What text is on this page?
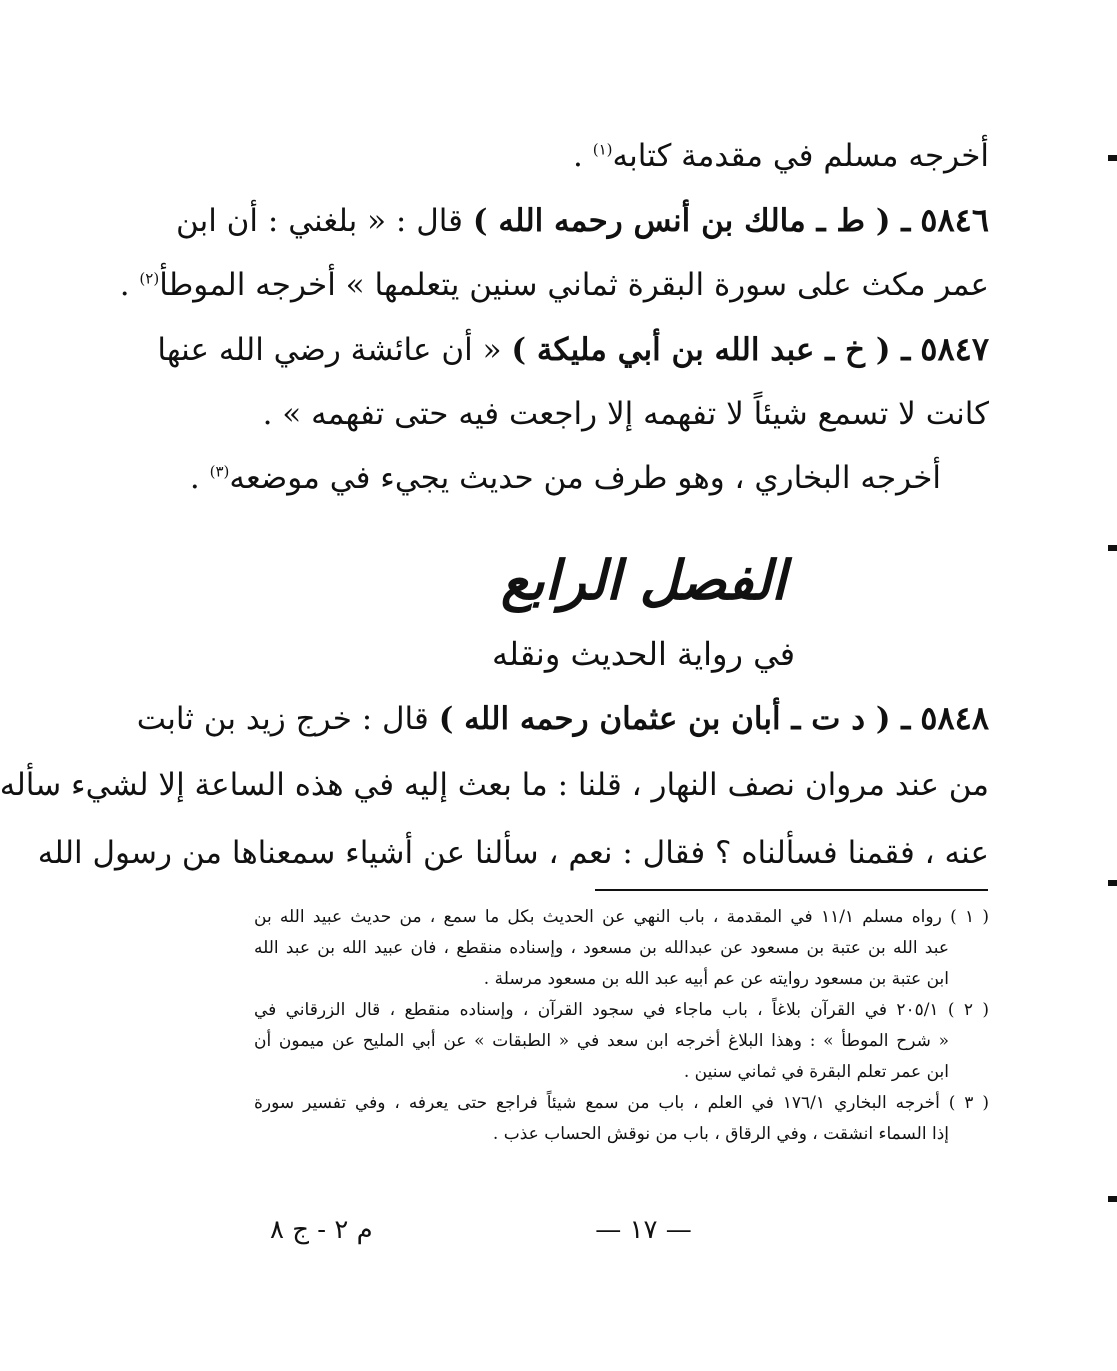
أخرجه مسلم في مقدمة كتابه$^{(١)}$ .
٥٨٤٦ ـ ( ط ـ مالك بن أنس رحمه الله ) قال : « بلغني : أن ابن
عمر مكث على سورة البقرة ثماني سنين يتعلمها » أخرجه الموطأ$^{(٢)}$ .
٥٨٤٧ ـ ( خ ـ عبد الله بن أبي مليكة ) « أن عائشة رضي الله عنها
كانت لا تسمع شيئاً لا تفهمه إلا راجعت فيه حتى تفهمه » .
أخرجه البخاري ، وهو طرف من حديث يجيء في موضعه$^{(٣)}$ .
الفصل الرابع
في رواية الحديث ونقله
٥٨٤٨ ـ ( د ت ـ أبان بن عثمان رحمه الله ) قال : خرج زيد بن ثابت
من عند مروان نصف النهار ، قلنا : ما بعث إليه في هذه الساعة إلا لشيء سأله
عنه ، فقمنا فسألناه ؟ فقال : نعم ، سألنا عن أشياء سمعناها من رسول الله
( ١ ) رواه مسلم ١١/١ في المقدمة ، باب النهي عن الحديث بكل ما سمع ، من حديث عبيد الله بن
عبد الله بن عتبة بن مسعود عن عبدالله بن مسعود ، وإسناده منقطع ، فان عبيد الله بن عبد الله
ابن عتبة بن مسعود روايته عن عم أبيه عبد الله بن مسعود مرسلة .
( ٢ ) ٢٠٥/١ في القرآن بلاغاً ، باب ماجاء في سجود القرآن ، وإسناده منقطع ، قال الزرقاني في
« شرح الموطأ » : وهذا البلاغ أخرجه ابن سعد في « الطبقات » عن أبي المليح عن ميمون أن
ابن عمر تعلم البقرة في ثماني سنين .
( ٣ ) أخرجه البخاري ١٧٦/١ في العلم ، باب من سمع شيئاً فراجع حتى يعرفه ، وفي تفسير سورة
إذا السماء انشقت ، وفي الرقاق ، باب من نوقش الحساب عذب .
— ١٧ —
م ٢ - ج ٨
